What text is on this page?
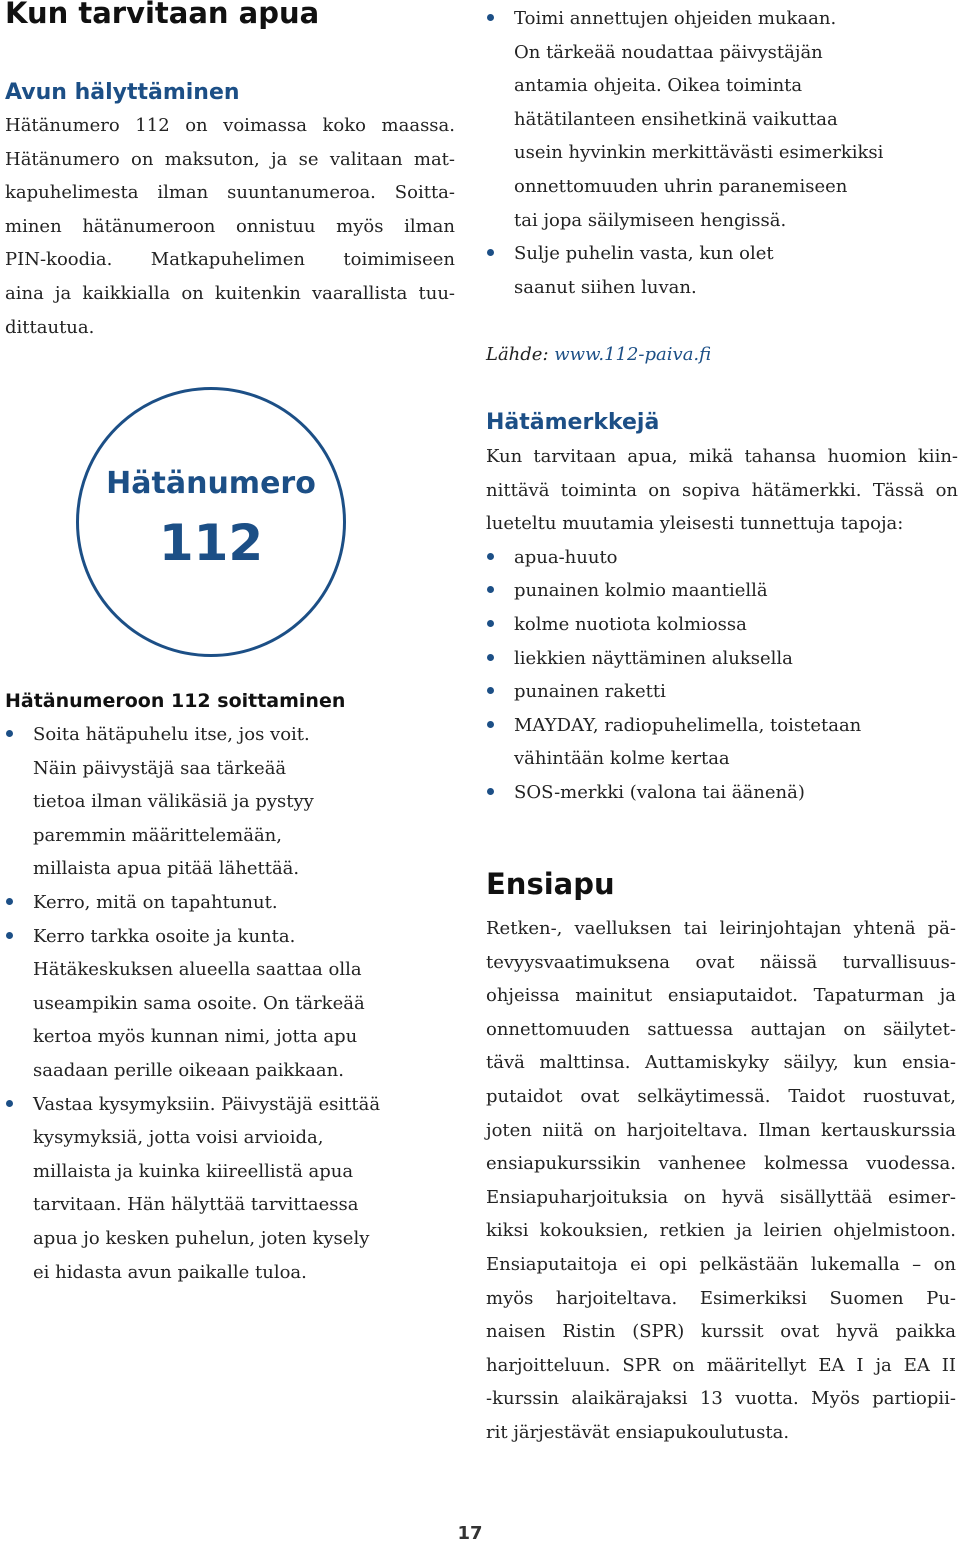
Kun tarvitaan apua
Avun hälyttäminen
Hätänumero 112 on voimassa koko maassa.
Hätänumero on maksuton, ja se valitaan mat-
kapuhelimesta ilman suuntanumeroa. Soitta-
minen hätänumeroon onnistuu myös ilman
PIN-koodia. Matkapuhelimen toimimiseen
aina ja kaikkialla on kuitenkin vaarallista tuu-
dittautua.
Hätänumero
112
Hätänumeroon 112 soittaminen
Soita hätäpuhelu itse, jos voit.
Näin päivystäjä saa tärkeää
tietoa ilman välikäsiä ja pystyy
paremmin määrittelemään,
millaista apua pitää lähettää.
Kerro, mitä on tapahtunut.
Kerro tarkka osoite ja kunta.
Hätäkeskuksen alueella saattaa olla
useampikin sama osoite. On tärkeää
kertoa myös kunnan nimi, jotta apu
saadaan perille oikeaan paikkaan.
Vastaa kysymyksiin. Päivystäjä esittää
kysymyksiä, jotta voisi arvioida,
millaista ja kuinka kiireellistä apua
tarvitaan. Hän hälyttää tarvittaessa
apua jo kesken puhelun, joten kysely
ei hidasta avun paikalle tuloa.
Toimi annettujen ohjeiden mukaan.
On tärkeää noudattaa päivystäjän
antamia ohjeita. Oikea toiminta
hätätilanteen ensihetkinä vaikuttaa
usein hyvinkin merkittävästi esimerkiksi
onnettomuuden uhrin paranemiseen
tai jopa säilymiseen hengissä.
Sulje puhelin vasta, kun olet
saanut siihen luvan.

Lähde: www.112-paiva.fi

Hätämerkkejä
Kun tarvitaan apua, mikä tahansa huomion kiin-
nittävä toiminta on sopiva hätämerkki. Tässä on
lueteltu muutamia yleisesti tunnettuja tapoja:
apua-huuto
punainen kolmio maantiellä
kolme nuotiota kolmiossa
liekkien näyttäminen aluksella
punainen raketti
MAYDAY, radiopuhelimella, toistetaan
vähintään kolme kertaa
SOS-merkki (valona tai äänenä)
Ensiapu
Retken-, vaelluksen tai leirinjohtajan yhtenä pä-
tevyysvaatimuksena ovat näissä turvallisuus-
ohjeissa mainitut ensiaputaidot. Tapaturman ja
onnettomuuden sattuessa auttajan on säilytet-
tävä malttinsa. Auttamiskyky säilyy, kun ensia-
putaidot ovat selkäytimessä. Taidot ruostuvat,
joten niitä on harjoiteltava. Ilman kertauskurssia
ensiapukurssikin vanhenee kolmessa vuodessa.
Ensiapuharjoituksia on hyvä sisällyttää esimer-
kiksi kokouksien, retkien ja leirien ohjelmistoon.
Ensiaputaitoja ei opi pelkästään lukemalla – on
myös harjoiteltava. Esimerkiksi Suomen Pu-
naisen Ristin (SPR) kurssit ovat hyvä paikka
harjoitteluun. SPR on määritellyt EA I ja EA II
-kurssin alaikärajaksi 13 vuotta. Myös partiopii-
rit järjestävät ensiapukoulutusta.
17
